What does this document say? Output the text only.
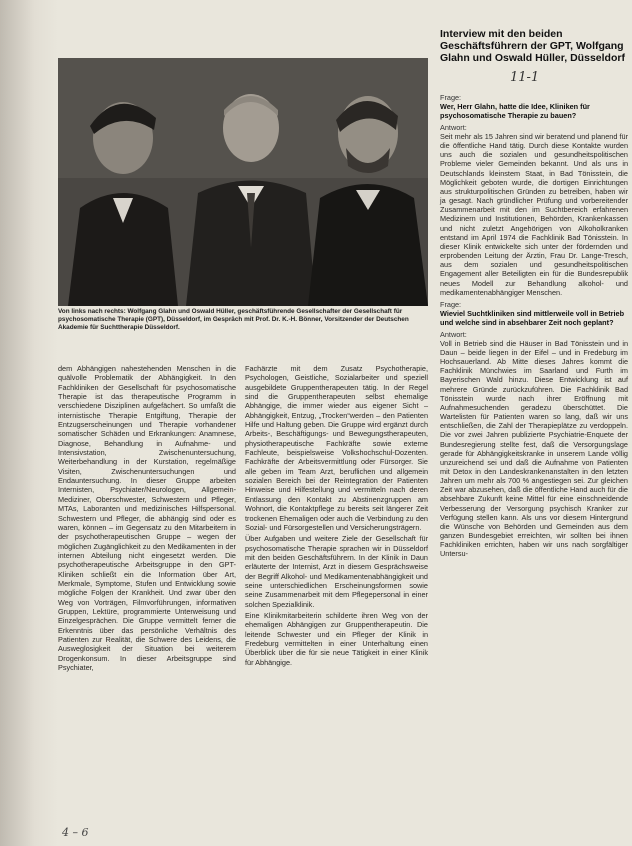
Von links nach rechts: Wolfgang Glahn und Oswald Hüller, geschäftsführende Gesellschafter der Gesellschaft für psychosomatische Therapie (GPT), Düsseldorf, im Gespräch mit Prof. Dr. K.-H. Bönner, Vorsitzender der Deutschen Akademie für Suchttherapie Düsseldorf.

dem Abhängigen nahestehenden Menschen in die quälvolle Problematik der Abhängigkeit. In den Fachkliniken der Gesellschaft für psychosomatische Therapie ist das therapeutische Programm in verschiedene Disziplinen aufgefächert. So umfaßt die internistische Therapie Entgiftung, Therapie der Entzugserscheinungen und Therapie vorhandener somatischer Schäden und Erkrankungen: Anamnese, Diagnose, Behandlung in Aufnahme- und Intensivstation, Zwischenuntersuchung, Weiterbehandlung in der Kurstation, regelmäßige Visiten, Zwischenuntersuchungen und Endauntersuchung. In dieser Gruppe arbeiten Internisten, Psychiater/Neurologen, Allgemein-Mediziner, Oberschwester, Schwestern und Pfleger, MTAs, Laboranten und medizinisches Hilfspersonal. Schwestern und Pfleger, die abhängig sind oder es waren, können – im Gegensatz zu den Mitarbeitern in der psychotherapeutischen Gruppe – wegen der möglichen Zugänglichkeit zu den Medikamenten in der internen Abteilung nicht eingesetzt werden. Die psychotherapeutische Arbeitsgruppe in den GPT-Kliniken schließt ein die Information über Art, Merkmale, Symptome, Stufen und Entwicklung sowie mögliche Folgen der Krankheit. Und zwar über den Weg von Vorträgen, Filmvorführungen, informativen Gruppen, Lektüre, programmierte Unterweisung und Einzelgesprächen. Die Gruppe vermittelt ferner die Erkenntnis über das persönliche Verhältnis des Patienten zur Realität, die Schwere des Leidens, die Ausweglosigkeit der Situation bei weiterem Drogenkonsum. In dieser Arbeitsgruppe sind Psychiater,

Fachärzte mit dem Zusatz Psychotherapie, Psychologen, Geistliche, Sozialarbeiter und speziell ausgebildete Gruppentherapeuten tätig. In der Regel sind die Gruppentherapeuten selbst ehemalige Abhängige, die immer wieder aus eigener Sicht – Abhängigkeit, Entzug, „Trocken“werden – den Patienten Hilfe und Haltung geben. Die Gruppe wird ergänzt durch Arbeits-, Beschäftigungs- und Bewegungstherapeuten, physiotherapeutische Fachkräfte sowie externe Fachleute, beispielsweise Volkshochschul-Dozenten. Fachkräfte der Arbeitsvermittlung oder Fürsorger. Sie alle geben im Team Arzt, beruflichen und allgemein sozialen Bereich bei der Reintegration der Patienten Hinweise und Hilfestellung und vermitteln nach deren Entlassung den Kontakt zu Abstinenzgruppen am Wohnort, die Kontaktpflege zu bereits seit längerer Zeit trockenen Ehemaligen oder auch die Verbindung zu den Sozial- und Fürsorgestellen und Versicherungsträgern.

Über Aufgaben und weitere Ziele der Gesellschaft für psychosomatische Therapie sprachen wir in Düsseldorf mit den beiden Geschäftsführern. In der Klinik in Daun erläuterte der Internist, Arzt in diesem Gesprächsweise der Begriff Alkohol- und Medikamentenabhängigkeit und seine unterschiedlichen Erscheinungsformen sowie seine Zusammenarbeit mit dem Pflegepersonal in einer solchen Spezialklinik.

Eine Klinikmitarbeiterin schilderte ihren Weg von der ehemaligen Abhängigen zur Gruppentherapeutin. Die leitende Schwester und ein Pfleger der Klinik in Fredeburg vermittelten in einer Unterhaltung einen Überblick über die für sie neue Tätigkeit in einer Klinik für Abhängige.

Interview mit den beiden Geschäftsführern der GPT, Wolfgang Glahn und Oswald Hüller, Düsseldorf
11-1

Frage:

Wer, Herr Glahn, hatte die Idee, Kliniken für psychosomatische Therapie zu bauen?

Antwort:

Seit mehr als 15 Jahren sind wir beratend und planend für die öffentliche Hand tätig. Durch diese Kontakte wurden uns auch die sozialen und gesundheitspolitischen Probleme vieler Gemeinden bekannt. Und als uns in Deutschlands kleinstem Staat, in Bad Tönisstein, die Möglichkeit geboten wurde, die dortigen Einrichtungen aus strukturpolitischen Gründen zu betreiben, haben wir ja gesagt. Nach gründlicher Prüfung und vorbereitender Zusammenarbeit mit den im Suchtbereich erfahrenen Medizinern und Institutionen, Behörden, Krankenkassen und nicht zuletzt Angehörigen von Alkoholkranken entstand im April 1974 die Fachklinik Bad Tönisstein. In dieser Klinik entwickelte sich unter der fördernden und erprobenden Leitung der Ärztin, Frau Dr. Lange-Tresch, aus dem sozialen und gesundheitspolitischen Engagement aller Beteiligten ein für die Bundesrepublik neues Modell zur Behandlung alkohol- und medikamentenabhängiger Menschen.

Frage:

Wieviel Suchtkliniken sind mittlerweile voll in Betrieb und welche sind in absehbarer Zeit noch geplant?

Antwort:

Voll in Betrieb sind die Häuser in Bad Tönisstein und in Daun – beide liegen in der Eifel – und in Fredeburg im Hochsauerland. Ab Mitte dieses Jahres kommt die Fachklinik Münchwies im Saarland und Furth im Bayerischen Wald hinzu. Diese Entwicklung ist auf mehrere Gründe zurückzuführen. Die Fachklinik Bad Tönisstein wurde nach ihrer Eröffnung mit Aufnahmesuchenden geradezu überschüttet. Die Wartelisten für Patienten waren so lang, daß wir uns entschließen, die Zahl der Therapieplätze zu verdoppeln. Die vor zwei Jahren publizierte Psychiatrie-Enquete der Bundesregierung stellte fest, daß die Versorgungslage gerade für Abhängigkeitskranke in unserem Lande völlig unzureichend sei und daß die Aufnahme von Patienten mit Detox in den Landeskrankenanstalten in den letzten Jahren um mehr als 700 % angestiegen sei. Zur gleichen Zeit war abzusehen, daß die öffentliche Hand auch für die absehbare Zukunft keine Mittel für eine einschneidende Verbesserung der Versorgung psychisch Kranker zur Verfügung stellen kann. Als uns vor diesem Hintergrund die Wünsche von Behörden und Gemeinden aus dem ganzen Bundesgebiet erreichten, wir sollten bei ihnen Fachkliniken errichten, haben wir uns nach sorgfältiger Untersu-

4 – 6
